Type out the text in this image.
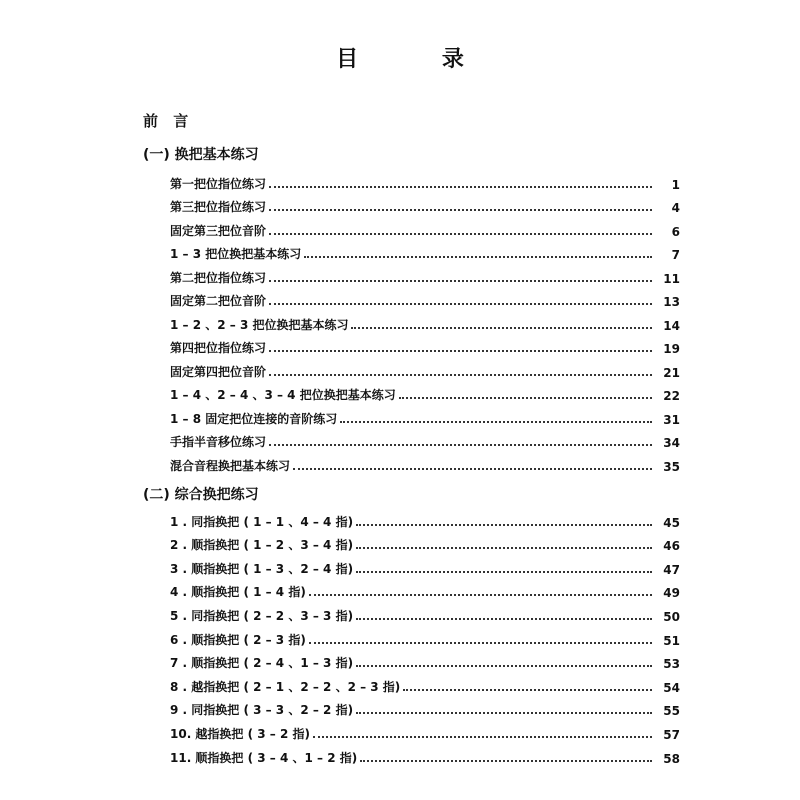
目 录
前 言
(一) 换把基本练习
第一把位指位练习	1
第三把位指位练习	4
固定第三把位音阶	6
1 – 3 把位换把基本练习	7
第二把位指位练习	11
固定第二把位音阶	13
1 – 2 、2 – 3 把位换把基本练习	14
第四把位指位练习	19
固定第四把位音阶	21
1 – 4 、2 – 4 、3 – 4 把位换把基本练习	22
1 – 8 固定把位连接的音阶练习	31
手指半音移位练习	34
混合音程换把基本练习	35
(二) 综合换把练习
1 . 同指换把 ( 1 – 1 、4 – 4 指)	45
2 . 顺指换把 ( 1 – 2 、3 – 4 指)	46
3 . 顺指换把 ( 1 – 3 、2 – 4 指)	47
4 . 顺指换把 ( 1 – 4 指)	49
5 . 同指换把 ( 2 – 2 、3 – 3 指)	50
6 . 顺指换把 ( 2 – 3 指)	51
7 . 顺指换把 ( 2 – 4 、1 – 3 指)	53
8 . 越指换把 ( 2 – 1 、2 – 2 、2 – 3 指)	54
9 . 同指换把 ( 3 – 3 、2 – 2 指)	55
10. 越指换把 ( 3 – 2 指)	57
11. 顺指换把 ( 3 – 4 、1 – 2 指)	58
